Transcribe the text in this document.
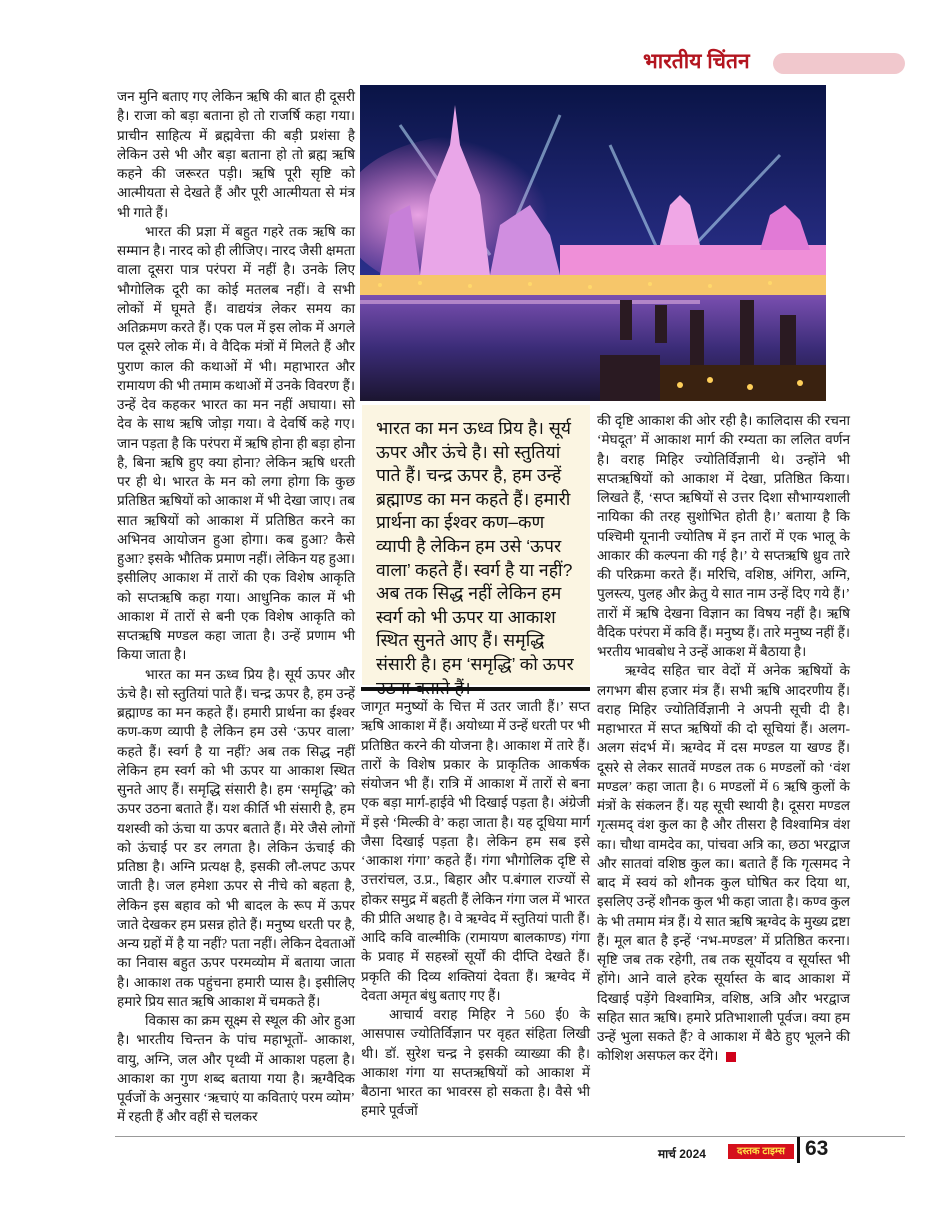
भारतीय चिंतन
भारत का मन ऊध्व प्रिय है। सूर्य ऊपर और ऊंचे है। सो स्तुतियां पाते हैं। चन्द्र ऊपर है, हम उन्हें ब्रह्माण्ड का मन कहते हैं। हमारी प्रार्थना का ईश्वर कण–कण व्यापी है लेकिन हम उसे ‘ऊपर वाला’ कहते हैं। स्वर्ग है या नहीं? अब तक सिद्ध नहीं लेकिन हम स्वर्ग को भी ऊपर या आकाश स्थित सुनते आए हैं। समृद्धि संसारी है। हम ‘समृद्धि’ को ऊपर

जन मुनि बताए गए लेकिन ऋषि की बात ही दूसरी है। राजा को बड़ा बताना हो तो राजर्षि कहा गया। प्राचीन साहित्य में ब्रह्मवेत्ता की बड़ी प्रशंसा है लेकिन उसे भी और बड़ा बताना हो तो ब्रह्म ऋषि कहने की जरूरत पड़ी। ऋषि पूरी सृष्टि को आत्मीयता से देखते हैं और पूरी आत्मीयता से मंत्र भी गाते हैं।

भारत की प्रज्ञा में बहुत गहरे तक ऋषि का सम्मान है। नारद को ही लीजिए। नारद जैसी क्षमता वाला दूसरा पात्र परंपरा में नहीं है। उनके लिए भौगोलिक दूरी का कोई मतलब नहीं। वे सभी लोकों में घूमते हैं। वाद्ययंत्र लेकर समय का अतिक्रमण करते हैं। एक पल में इस लोक में अगले पल दूसरे लोक में। वे वैदिक मंत्रों में मिलते हैं और पुराण काल की कथाओं में भी। महाभारत और रामायण की भी तमाम कथाओं में उनके विवरण हैं। उन्हें देव कहकर भारत का मन नहीं अघाया। सो देव के साथ ऋषि जोड़ा गया। वे देवर्षि कहे गए। जान पड़ता है कि परंपरा में ऋषि होना ही बड़ा होना है, बिना ऋषि हुए क्या होना? लेकिन ऋषि धरती पर ही थे। भारत के मन को लगा होगा कि कुछ प्रतिष्ठित ऋषियों को आकाश में भी देखा जाए। तब सात ऋषियों को आकाश में प्रतिष्ठित करने का अभिनव आयोजन हुआ होगा। कब हुआ? कैसे हुआ? इसके भौतिक प्रमाण नहीं। लेकिन यह हुआ। इसीलिए आकाश में तारों की एक विशेष आकृति को सप्तऋषि कहा गया। आधुनिक काल में भी आकाश में तारों से बनी एक विशेष आकृति को सप्तऋषि मण्डल कहा जाता है। उन्हें प्रणाम भी किया जाता है।

भारत का मन ऊध्व प्रिय है। सूर्य ऊपर और ऊंचे है। सो स्तुतियां पाते हैं। चन्द्र ऊपर है, हम उन्हें ब्रह्माण्ड का मन कहते हैं। हमारी प्रार्थना का ईश्वर कण-कण व्यापी है लेकिन हम उसे ‘ऊपर वाला’ कहते हैं। स्वर्ग है या नहीं? अब तक सिद्ध नहीं लेकिन हम स्वर्ग को भी ऊपर या आकाश स्थित सुनते आए हैं। समृद्धि संसारी है। हम ‘समृद्धि’ को ऊपर उठना बताते हैं। यश कीर्ति भी संसारी है, हम यशस्वी को ऊंचा या ऊपर बताते हैं। मेरे जैसे लोगों को ऊंचाई पर डर लगता है। लेकिन ऊंचाई की प्रतिष्ठा है। अग्नि प्रत्यक्ष है, इसकी लौ-लपट ऊपर जाती है। जल हमेशा ऊपर से नीचे को बहता है, लेकिन इस बहाव को भी बादल के रूप में ऊपर जाते देखकर हम प्रसन्न होते हैं। मनुष्य धरती पर है, अन्य ग्रहों में है या नहीं? पता नहीं। लेकिन देवताओं का निवास बहुत ऊपर परमव्योम में बताया जाता है। आकाश तक पहुंचना हमारी प्यास है। इसीलिए हमारे प्रिय सात ऋषि आकाश में चमकते हैं।

विकास का क्रम सूक्ष्म से स्थूल की ओर हुआ है। भारतीय चिन्तन के पांच महाभूतों- आकाश, वायु, अग्नि, जल और पृथ्वी में आकाश पहला है। आकाश का गुण शब्द बताया गया है। ऋग्वैदिक पूर्वजों के अनुसार ‘ऋचाएं या कविताएं परम व्योम’ में रहती हैं और वहीं से चलकर

जागृत मनुष्यों के चित्त में उतर जाती हैं।’ सप्त ऋषि आकाश में हैं। अयोध्या में उन्हें धरती पर भी प्रतिष्ठित करने की योजना है। आकाश में तारे हैं। तारों के विशेष प्रकार के प्राकृतिक आकर्षक संयोजन भी हैं। रात्रि में आकाश में तारों से बना एक बड़ा मार्ग-हाईवे भी दिखाई पड़ता है। अंग्रेजी में इसे ‘मिल्की वे’ कहा जाता है। यह दूधिया मार्ग जैसा दिखाई पड़ता है। लेकिन हम सब इसे ‘आकाश गंगा’ कहते हैं। गंगा भौगोलिक दृष्टि से उत्तरांचल, उ.प्र., बिहार और प.बंगाल राज्यों से होकर समुद्र में बहती हैं लेकिन गंगा जल में भारत की प्रीति अथाह है। वे ऋग्वेद में स्तुतियां पाती हैं। आदि कवि वाल्मीकि (रामायण बालकाण्ड) गंगा के प्रवाह में सहस्त्रों सूर्यों की दीप्ति देखते हैं। प्रकृति की दिव्य शक्तियां देवता हैं। ऋग्वेद में देवता अमृत बंधु बताए गए हैं।

आचार्य वराह मिहिर ने 560 ई0 के आसपास ज्योतिर्विज्ञान पर वृहत संहिता लिखी थी। डॉ. सुरेश चन्द्र ने इसकी व्याख्या की है। आकाश गंगा या सप्तऋषियों को आकाश में बैठाना भारत का भावरस हो सकता है। वैसे भी हमारे पूर्वजों

की दृष्टि आकाश की ओर रही है। कालिदास की रचना ‘मेघदूत’ में आकाश मार्ग की रम्यता का ललित वर्णन है। वराह मिहिर ज्योतिर्विज्ञानी थे। उन्होंने भी सप्तऋषियों को आकाश में देखा, प्रतिष्ठित किया। लिखते हैं, ‘सप्त ऋषियों से उत्तर दिशा सौभाग्यशाली नायिका की तरह सुशोभित होती है।’ बताया है कि पश्चिमी यूनानी ज्योतिष में इन तारों में एक भालू के आकार की कल्पना की गई है।’ ये सप्तऋषि ध्रुव तारे की परिक्रमा करते हैं। मरिचि, वशिष्ठ, अंगिरा, अग्नि, पुलस्त्य, पुलह और क्रेतु ये सात नाम उन्हें दिए गये हैं।’ तारों में ऋषि देखना विज्ञान का विषय नहीं है। ऋषि वैदिक परंपरा में कवि हैं। मनुष्य हैं। तारे मनुष्य नहीं हैं। भरतीय भावबोध ने उन्हें आकश में बैठाया है।

ऋग्वेद सहित चार वेदों में अनेक ऋषियों के लगभग बीस हजार मंत्र हैं। सभी ऋषि आदरणीय हैं। वराह मिहिर ज्योतिर्विज्ञानी ने अपनी सूची दी है। महाभारत में सप्त ऋषियों की दो सूचियां हैं। अलग-अलग संदर्भ में। ऋग्वेद में दस मण्डल या खण्ड हैं। दूसरे से लेकर सातवें मण्डल तक 6 मण्डलों को ‘वंश मण्डल’ कहा जाता है। 6 मण्डलों में 6 ऋषि कुलों के मंत्रों के संकलन हैं। यह सूची स्थायी है। दूसरा मण्डल गृत्समद् वंश कुल का है और तीसरा है विश्वामित्र वंश का। चौथा वामदेव का, पांचवा अत्रि का, छठा भरद्वाज और सातवां वशिष्ठ कुल का। बताते हैं कि गृत्समद ने बाद में स्वयं को शौनक कुल घोषित कर दिया था, इसलिए उन्हें शौनक कुल भी कहा जाता है। कण्व कुल के भी तमाम मंत्र हैं। ये सात ऋषि ऋग्वेद के मुख्य द्रष्टा हैं। मूल बात है इन्हें ‘नभ-मण्डल’ में प्रतिष्ठित करना। सृष्टि जब तक रहेगी, तब तक सूर्योदय व सूर्यास्त भी होंगे। आने वाले हरेक सूर्यास्त के बाद आकाश में दिखाई पड़ेंगे विश्वामित्र, वशिष्ठ, अत्रि और भरद्वाज सहित सात ऋषि। हमारे प्रतिभाशाली पूर्वज। क्या हम उन्हें भुला सकते हैं? वे आकाश में बैठे हुए भूलने की कोशिश असफल कर देंगे।

मार्च 2024	दस्तक टाइम्स 63
